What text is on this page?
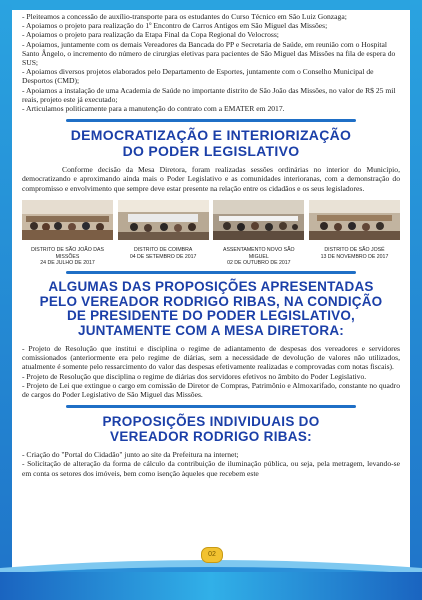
- Pleiteamos a concessão de auxílio-transporte para os estudantes do Curso Técnico em São Luiz Gonzaga;

- Apoiamos o projeto para realização do 1º Encontro de Carros Antigos em São Miguel das Missões;

- Apoiamos o projeto para realização da Etapa Final da Copa Regional do Velocross;

- Apoiamos, juntamente com os demais Vereadores da Bancada do PP e Secretaria de Saúde, em reunião com o Hospital Santo Ângelo, o incremento do número de cirurgias eletivas para pacientes de São Miguel das Missões na fila de espera do SUS;

- Apoiamos diversos projetos elaborados pelo Departamento de Esportes, juntamente com o Conselho Municipal de Desportos (CMD);

- Apoiamos a instalação de uma Academia de Saúde no importante distrito de São João das Missões, no valor de R$ 25 mil reais, projeto este já executado;

- Articulamos politicamente para a manutenção do contrato com a EMATER em 2017.

DEMOCRATIZAÇÃO E INTERIORIZAÇÃO
DO PODER LEGISLATIVO

Conforme decisão da Mesa Diretora, foram realizadas sessões ordinárias no interior do Município, democratizando e aproximando ainda mais o Poder Legislativo e as comunidades interioranas, com a demonstração do compromisso e envolvimento que sempre deve estar presente na relação entre os cidadãos e os seus legisladores.

DISTRITO DE SÃO JOÃO DAS MISSÕES
24 DE JULHO DE 2017
DISTRITO DE COIMBRA
04 DE SETEMBRO DE 2017
ASSENTAMENTO NOVO SÃO MIGUEL
02 DE OUTUBRO DE 2017
DISTRITO DE SÃO JOSÉ
13 DE NOVEMBRO DE 2017
ALGUMAS DAS PROPOSIÇÕES APRESENTADAS
PELO VEREADOR RODRIGO RIBAS, NA CONDIÇÃO
DE PRESIDENTE DO PODER LEGISLATIVO,
JUNTAMENTE COM A MESA DIRETORA:

- Projeto de Resolução que institui e disciplina o regime de adiantamento de despesas dos vereadores e servidores comissionados (anteriormente era pelo regime de diárias, sem a necessidade de devolução de valores não utilizados, atualmente é somente pelo ressarcimento do valor das despesas efetivamente realizadas e comprovadas com notas fiscais).

- Projeto de Resolução que disciplina o regime de diárias dos servidores efetivos no âmbito do Poder Legislativo.

- Projeto de Lei que extingue o cargo em comissão de Diretor de Compras, Patrimônio e Almoxarifado, constante no quadro de cargos do Poder Legislativo de São Miguel das Missões.

PROPOSIÇÕES INDIVIDUAIS DO
VEREADOR RODRIGO RIBAS:

- Criação do "Portal do Cidadão" junto ao site da Prefeitura na internet;

- Solicitação de alteração da forma de cálculo da contribuição de iluminação pública, ou seja, pela metragem, levando-se em conta os setores dos imóveis, bem como isenção àqueles que recebem este

02
